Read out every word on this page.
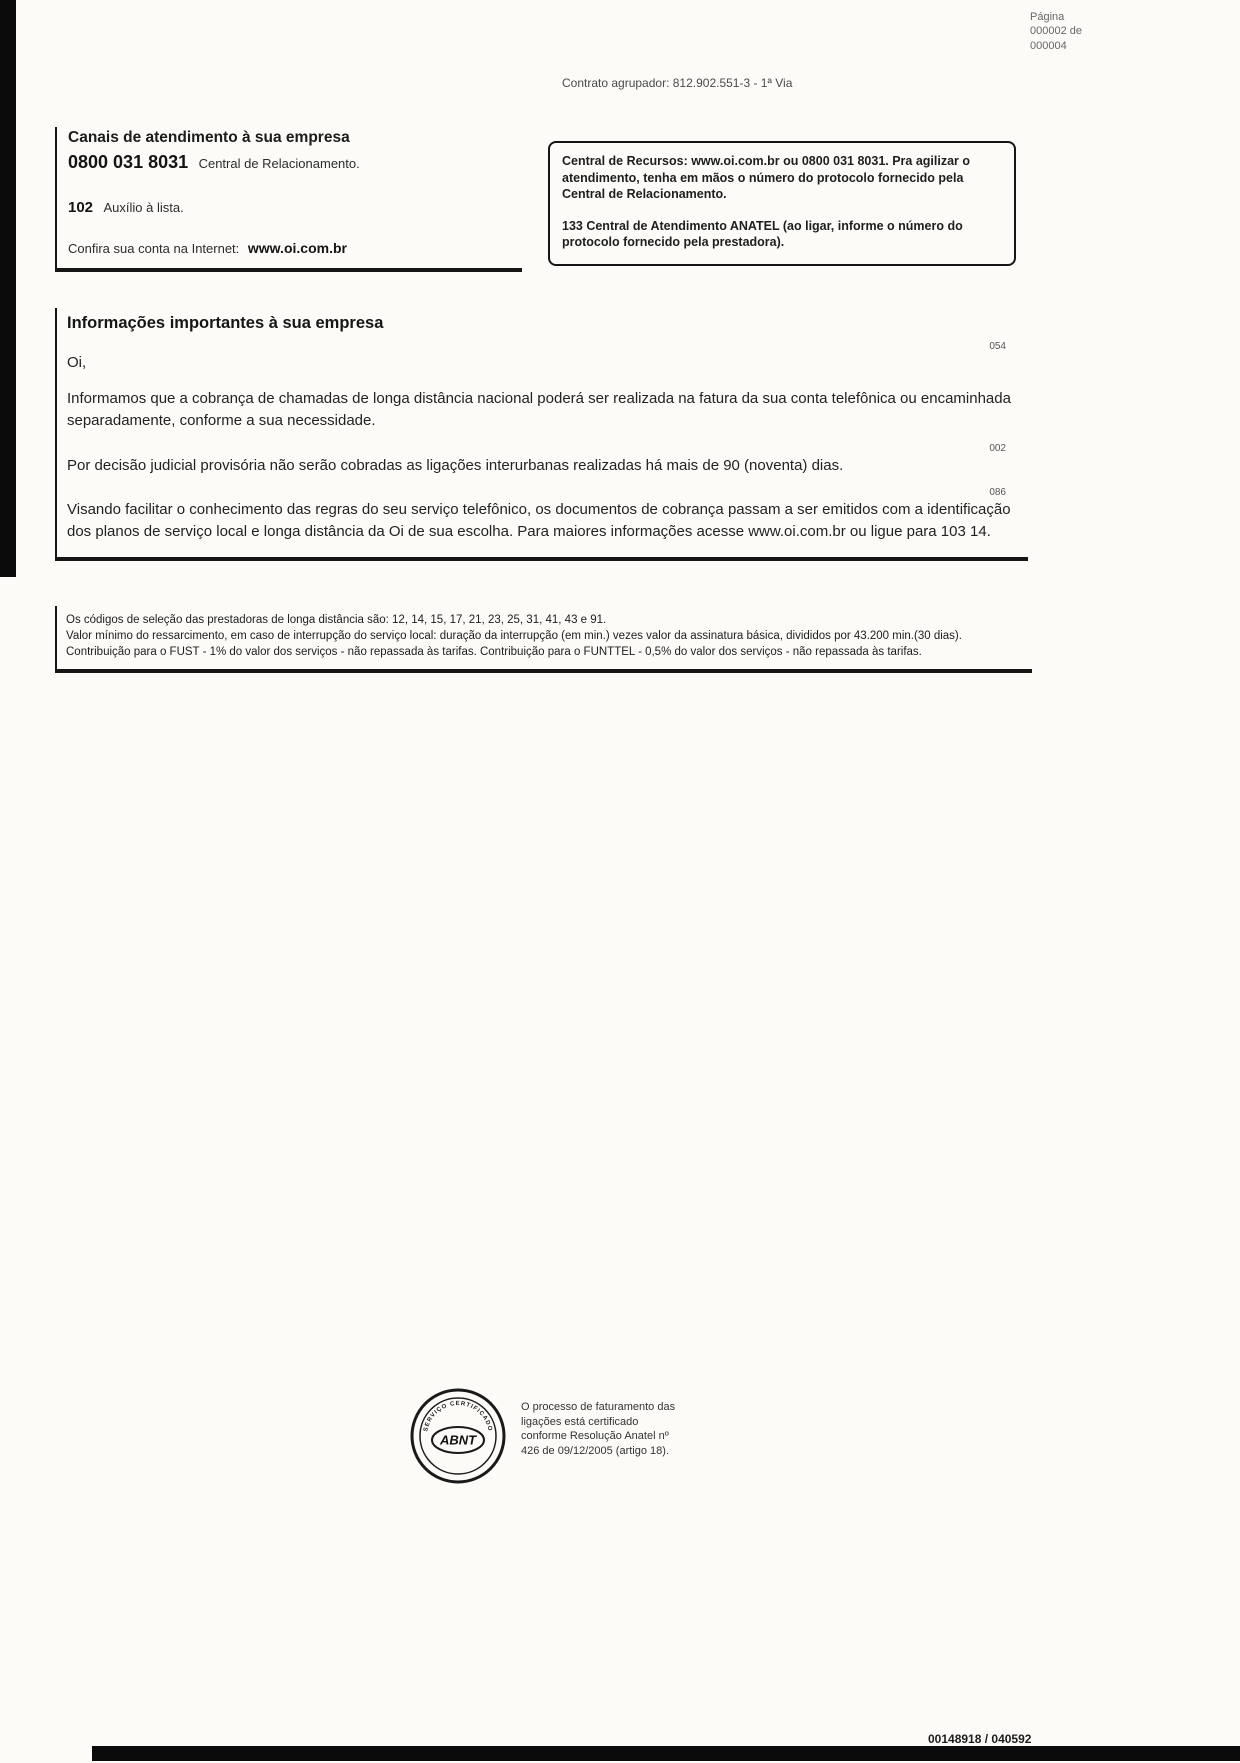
Página
000002 de
000004
Contrato agrupador: 812.902.551-3 - 1ª Via
Canais de atendimento à sua empresa
0800 031 8031 Central de Relacionamento.
102 Auxílio à lista.
Confira sua conta na Internet: www.oi.com.br

Central de Recursos: www.oi.com.br ou 0800 031 8031. Pra agilizar o atendimento, tenha em mãos o número do protocolo fornecido pela Central de Relacionamento.

133 Central de Atendimento ANATEL (ao ligar, informe o número do protocolo fornecido pela prestadora).

Informações importantes à sua empresa
054
Oi,

Informamos que a cobrança de chamadas de longa distância nacional poderá ser realizada na fatura da sua conta telefônica ou encaminhada separadamente, conforme a sua necessidade.

002

Por decisão judicial provisória não serão cobradas as ligações interurbanas realizadas há mais de 90 (noventa) dias.

086

Visando facilitar o conhecimento das regras do seu serviço telefônico, os documentos de cobrança passam a ser emitidos com a identificação dos planos de serviço local e longa distância da Oi de sua escolha. Para maiores informações acesse www.oi.com.br ou ligue para 103 14.

Os códigos de seleção das prestadoras de longa distância são: 12, 14, 15, 17, 21, 23, 25, 31, 41, 43 e 91.
Valor mínimo do ressarcimento, em caso de interrupção do serviço local: duração da interrupção (em min.) vezes valor da assinatura básica, divididos por 43.200 min.(30 dias).
Contribuição para o FUST - 1% do valor dos serviços - não repassada às tarifas. Contribuição para o FUNTTEL - 0,5% do valor dos serviços - não repassada às tarifas.
SERVIÇO CERTIFICADO
ABNT
O processo de faturamento das ligações está certificado conforme Resolução Anatel nº 426 de 09/12/2005 (artigo 18).
00148918 / 040592
